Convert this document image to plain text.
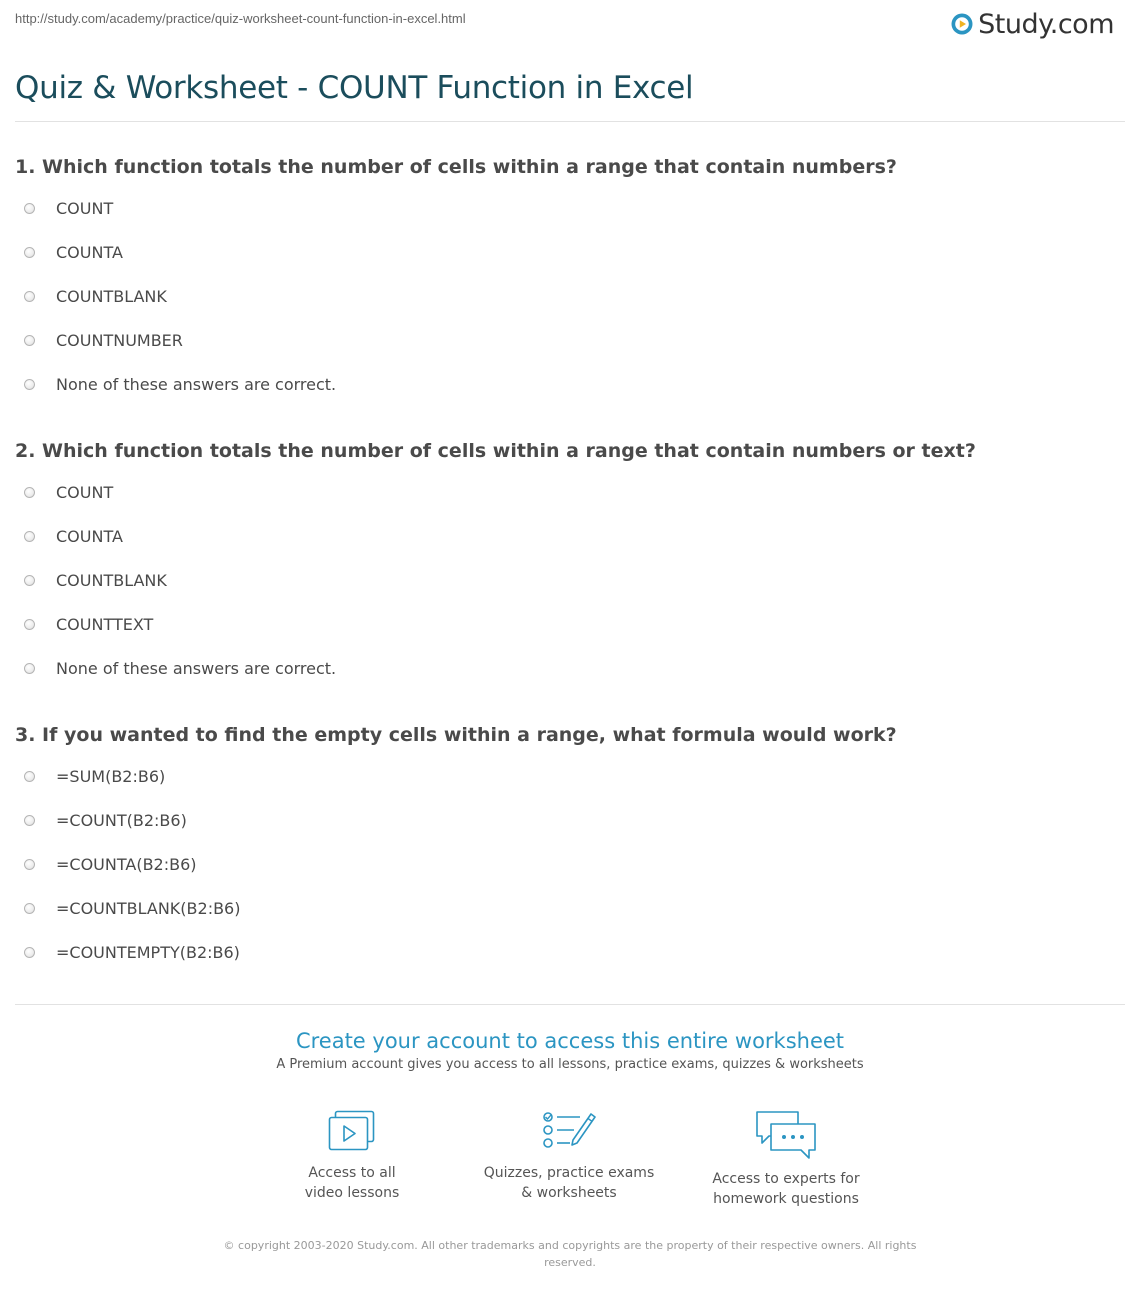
http://study.com/academy/practice/quiz-worksheet-count-function-in-excel.html	Study.com
Quiz & Worksheet - COUNT Function in Excel
1. Which function totals the number of cells within a range that contain numbers?
COUNT
COUNTA
COUNTBLANK
COUNTNUMBER
None of these answers are correct.
2. Which function totals the number of cells within a range that contain numbers or text?
COUNT
COUNTA
COUNTBLANK
COUNTTEXT
None of these answers are correct.
3. If you wanted to find the empty cells within a range, what formula would work?
=SUM(B2:B6)
=COUNT(B2:B6)
=COUNTA(B2:B6)
=COUNTBLANK(B2:B6)
=COUNTEMPTY(B2:B6)
Create your account to access this entire worksheet
A Premium account gives you access to all lessons, practice exams, quizzes & worksheets
Access to all
video lessons
Quizzes, practice exams
& worksheets
Access to experts for
homework questions
© copyright 2003-2020 Study.com. All other trademarks and copyrights are the property of their respective owners. All rights reserved.
